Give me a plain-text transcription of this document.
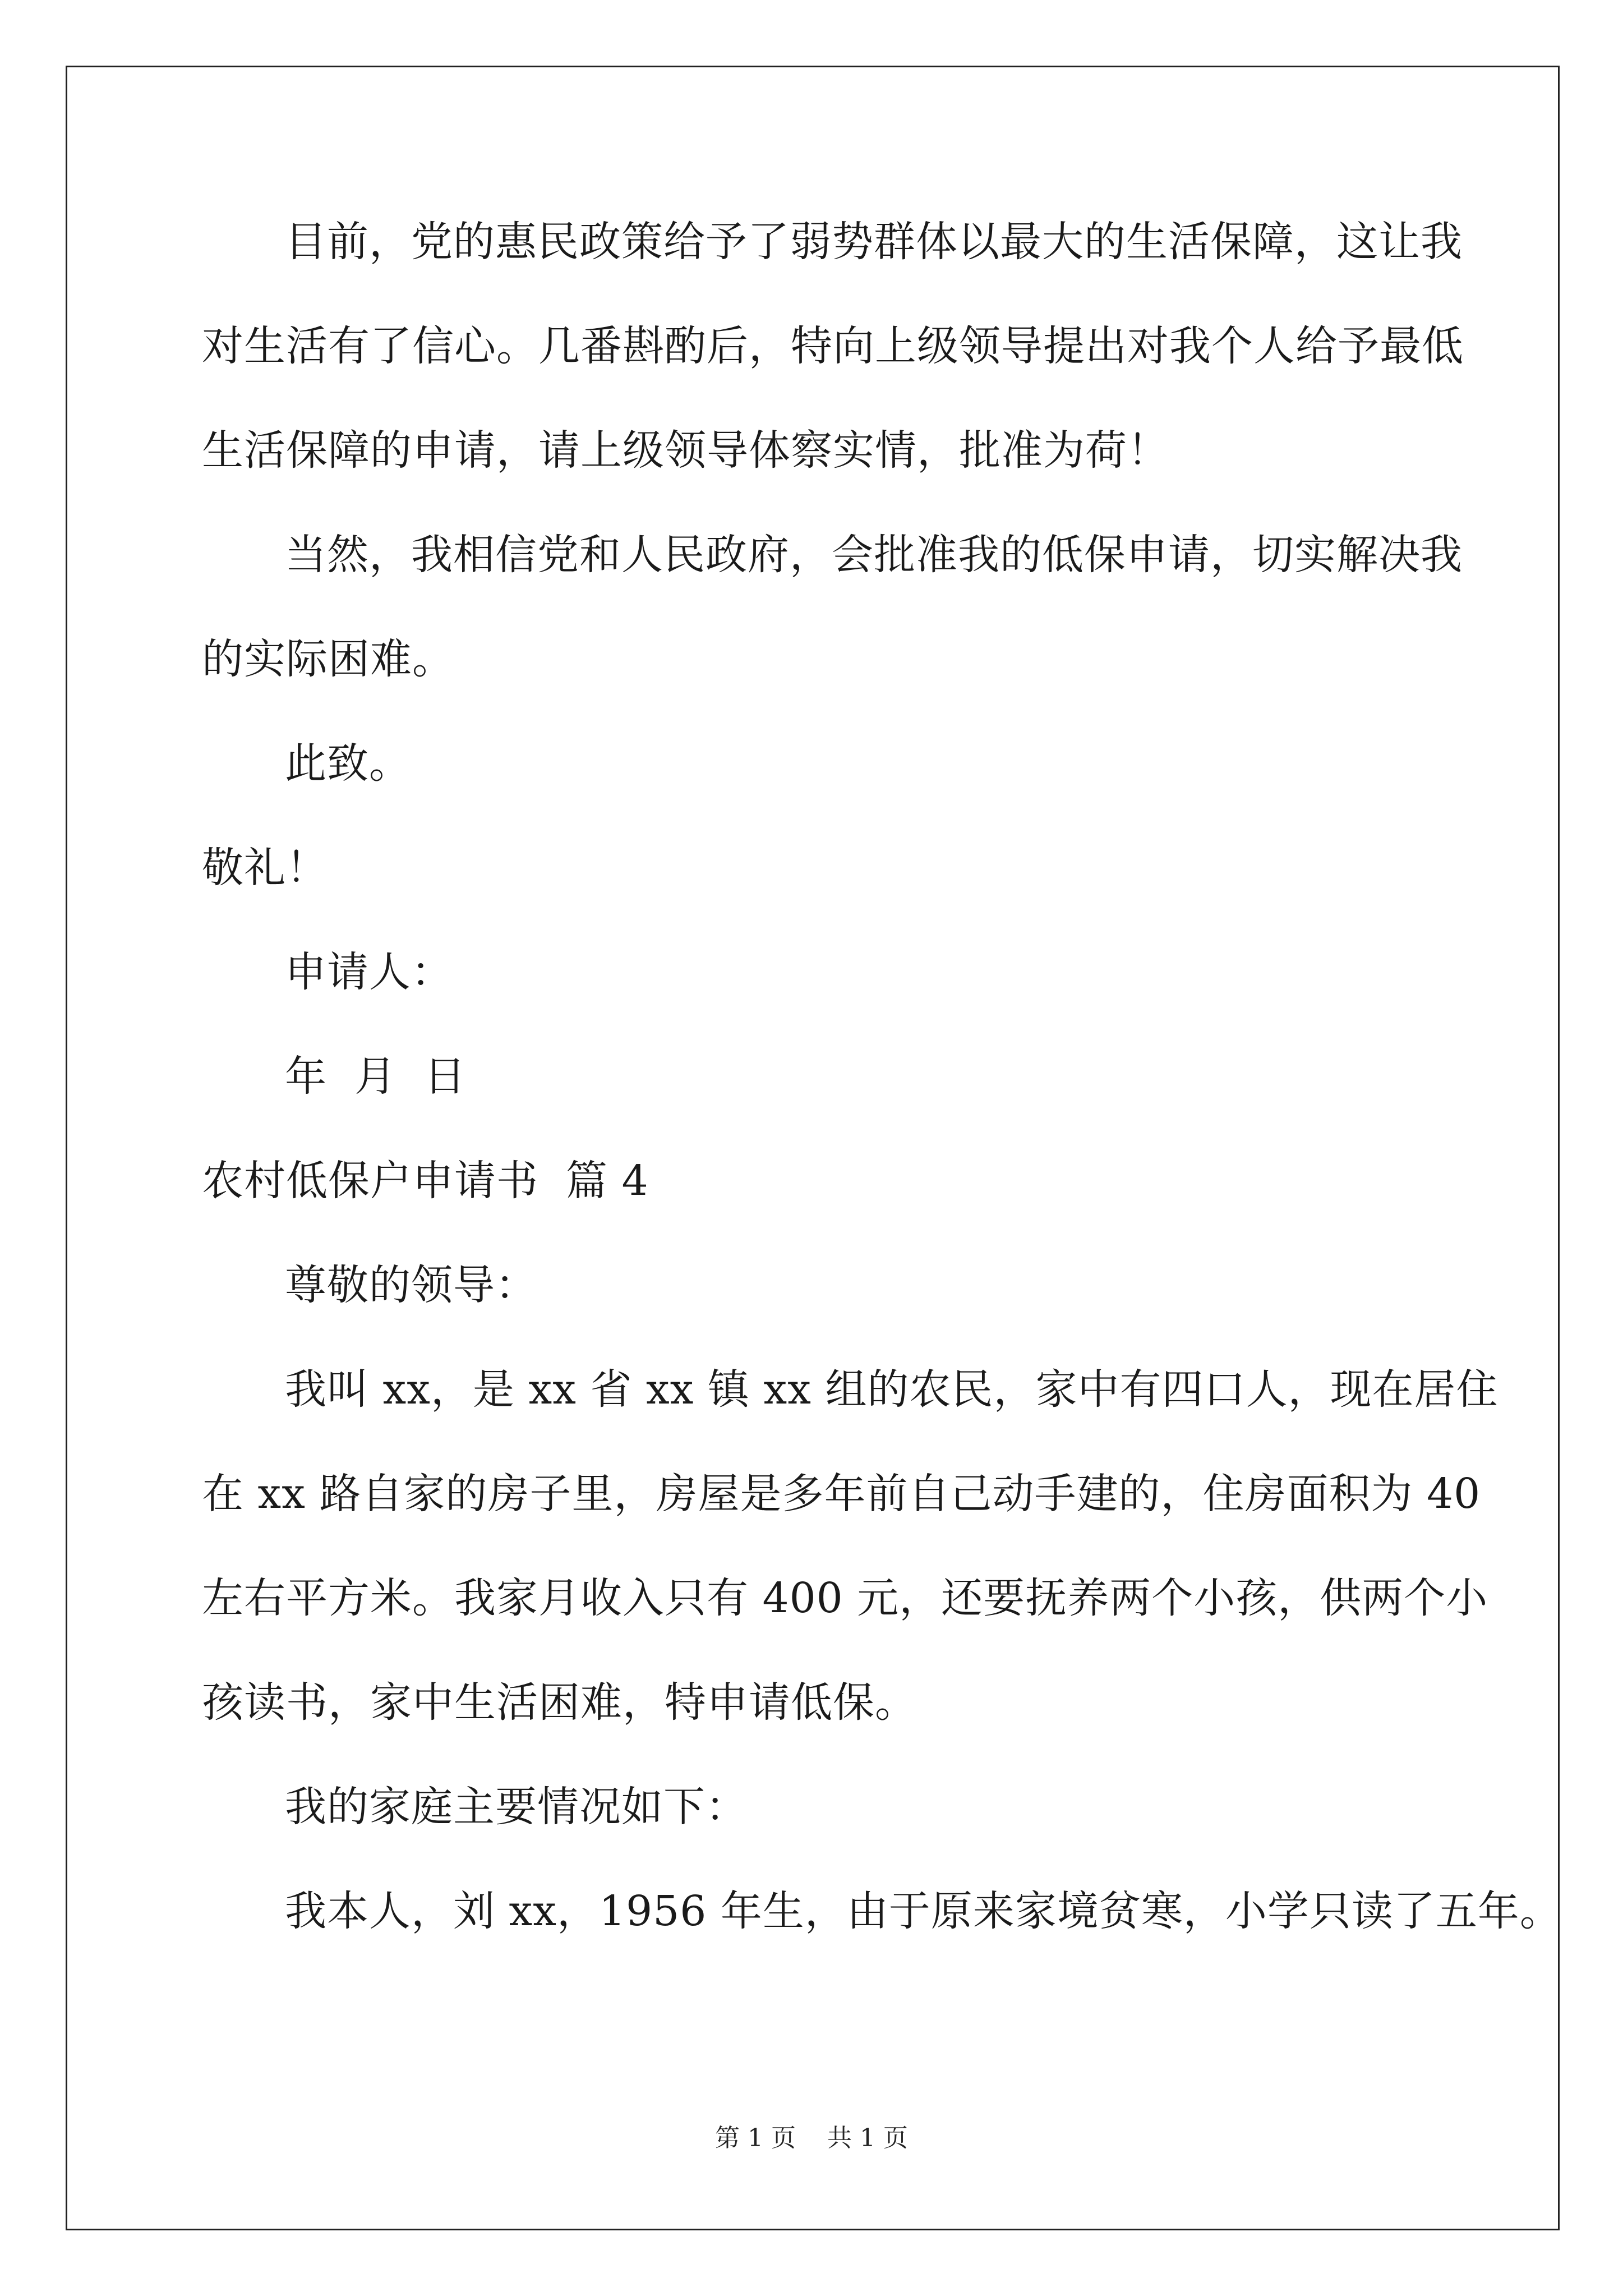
目前，党的惠民政策给予了弱势群体以最大的生活保障，这让我
对生活有了信心。几番斟酌后，特向上级领导提出对我个人给予最低
生活保障的申请，请上级领导体察实情，批准为荷！
当然，我相信党和人民政府，会批准我的低保申请，切实解决我
的实际困难。
此致。
敬礼！
申请人：
年  月  日
农村低保户申请书  篇 4
尊敬的领导：
我叫 xx，是 xx 省 xx 镇 xx 组的农民，家中有四口人，现在居住
在 xx 路自家的房子里，房屋是多年前自己动手建的，住房面积为 40
左右平方米。我家月收入只有 400 元，还要抚养两个小孩，供两个小
孩读书，家中生活困难，特申请低保。
我的家庭主要情况如下：
我本人，刘 xx，1956 年生，由于原来家境贫寒，小学只读了五年。
第 1 页    共 1 页
